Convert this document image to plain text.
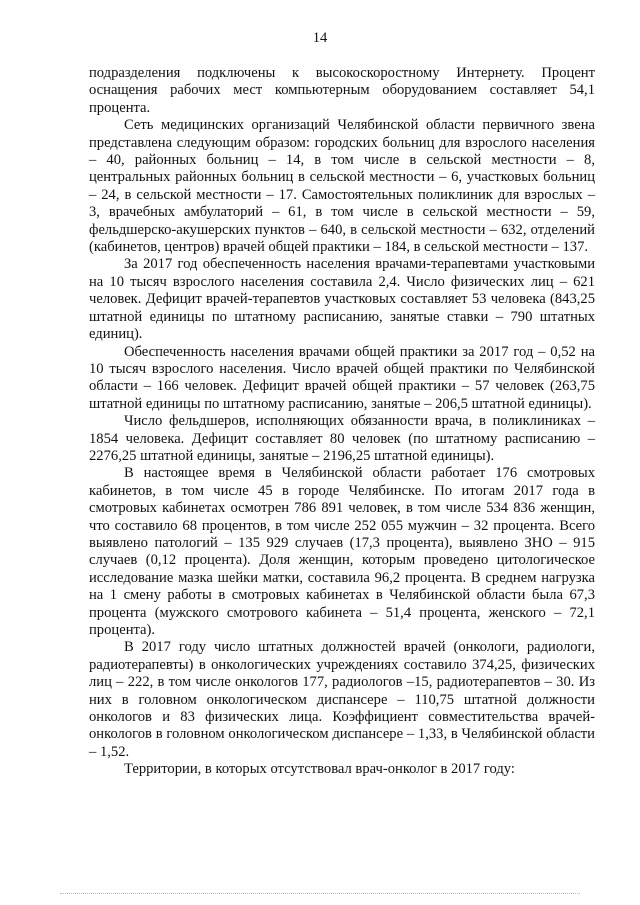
14

подразделения подключены к высокоскоростному Интернету. Процент оснащения рабочих мест компьютерным оборудованием составляет 54,1 процента.

Сеть медицинских организаций Челябинской области первичного звена представлена следующим образом: городских больниц для взрослого населения – 40, районных больниц – 14, в том числе в сельской местности – 8, центральных районных больниц в сельской местности – 6, участковых больниц – 24, в сельской местности – 17. Самостоятельных поликлиник для взрослых – 3, врачебных амбулаторий – 61, в том числе в сельской местности – 59, фельдшерско-акушерских пунктов – 640, в сельской местности – 632, отделений (кабинетов, центров) врачей общей практики – 184, в сельской местности – 137.

За 2017 год обеспеченность населения врачами-терапевтами участковыми на 10 тысяч взрослого населения составила 2,4. Число физических лиц – 621 человек. Дефицит врачей-терапевтов участковых составляет 53 человека (843,25 штатной единицы по штатному расписанию, занятые ставки – 790 штатных единиц).

Обеспеченность населения врачами общей практики за 2017 год – 0,52 на 10 тысяч взрослого населения. Число врачей общей практики по Челябинской области – 166 человек. Дефицит врачей общей практики – 57 человек (263,75 штатной единицы по штатному расписанию, занятые – 206,5 штатной единицы).

Число фельдшеров, исполняющих обязанности врача, в поликлиниках – 1854 человека. Дефицит составляет 80 человек (по штатному расписанию – 2276,25 штатной единицы, занятые – 2196,25 штатной единицы).

В настоящее время в Челябинской области работает 176 смотровых кабинетов, в том числе 45 в городе Челябинске. По итогам 2017 года в смотровых кабинетах осмотрен 786 891 человек, в том числе 534 836 женщин, что составило 68 процентов, в том числе 252 055 мужчин – 32 процента. Всего выявлено патологий – 135 929 случаев (17,3 процента), выявлено ЗНО – 915 случаев (0,12 процента). Доля женщин, которым проведено цитологическое исследование мазка шейки матки, составила 96,2 процента. В среднем нагрузка на 1 смену работы в смотровых кабинетах в Челябинской области была 67,3 процента (мужского смотрового кабинета – 51,4 процента, женского – 72,1 процента).

В 2017 году число штатных должностей врачей (онкологи, радиологи, радиотерапевты) в онкологических учреждениях составило 374,25, физических лиц – 222, в том числе онкологов 177, радиологов –15, радиотерапевтов – 30. Из них в головном онкологическом диспансере – 110,75 штатной должности онкологов и 83 физических лица. Коэффициент совместительства врачей-онкологов в головном онкологическом диспансере – 1,33, в Челябинской области – 1,52.

Территории, в которых отсутствовал врач-онколог в 2017 году:
